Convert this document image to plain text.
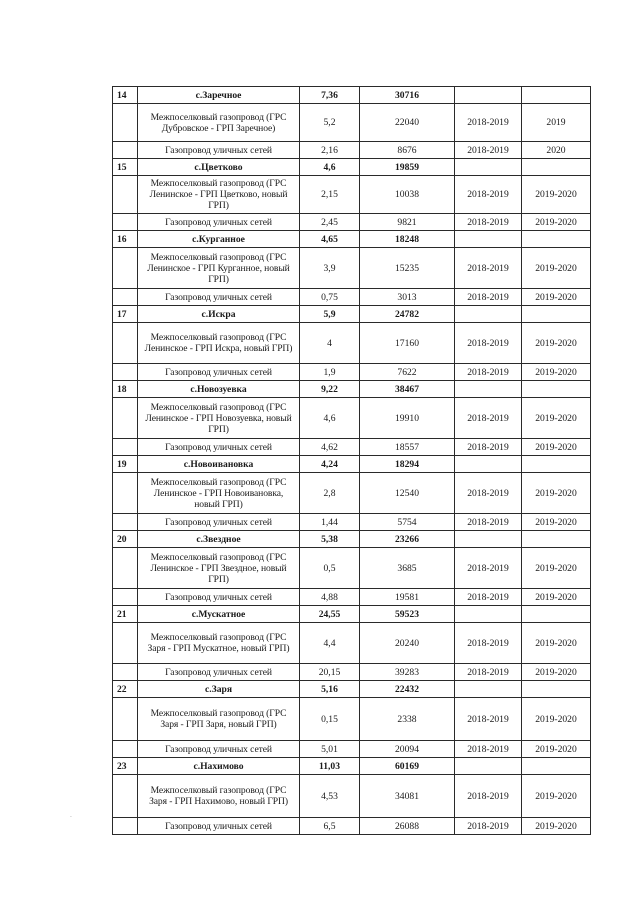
14	с.Заречное	7,36	30716		
	Межпоселковый газопровод (ГРС Дубровское - ГРП Заречное)	5,2	22040	2018-2019	2019
	Газопровод уличных сетей	2,16	8676	2018-2019	2020
15	с.Цветково	4,6	19859		
	Межпоселковый газопровод (ГРС Ленинское - ГРП Цветково, новый ГРП)	2,15	10038	2018-2019	2019-2020
	Газопровод уличных сетей	2,45	9821	2018-2019	2019-2020
16	с.Курганное	4,65	18248		
	Межпоселковый газопровод (ГРС Ленинское - ГРП Курганное, новый ГРП)	3,9	15235	2018-2019	2019-2020
	Газопровод уличных сетей	0,75	3013	2018-2019	2019-2020
17	с.Искра	5,9	24782		
	Межпоселковый газопровод (ГРС Ленинское - ГРП Искра, новый ГРП)	4	17160	2018-2019	2019-2020
	Газопровод уличных сетей	1,9	7622	2018-2019	2019-2020
18	с.Новозуевка	9,22	38467		
	Межпоселковый газопровод (ГРС Ленинское - ГРП Новозуевка, новый ГРП)	4,6	19910	2018-2019	2019-2020
	Газопровод уличных сетей	4,62	18557	2018-2019	2019-2020
19	с.Новоивановка	4,24	18294		
	Межпоселковый газопровод (ГРС Ленинское - ГРП Новоивановка, новый ГРП)	2,8	12540	2018-2019	2019-2020
	Газопровод уличных сетей	1,44	5754	2018-2019	2019-2020
20	с.Звездное	5,38	23266		
	Межпоселковый газопровод (ГРС Ленинское - ГРП Звездное, новый ГРП)	0,5	3685	2018-2019	2019-2020
	Газопровод уличных сетей	4,88	19581	2018-2019	2019-2020
21	с.Мускатное	24,55	59523		
	Межпоселковый газопровод (ГРС Заря - ГРП Мускатное, новый ГРП)	4,4	20240	2018-2019	2019-2020
	Газопровод уличных сетей	20,15	39283	2018-2019	2019-2020
22	с.Заря	5,16	22432		
	Межпоселковый газопровод (ГРС Заря - ГРП Заря, новый ГРП)	0,15	2338	2018-2019	2019-2020
	Газопровод уличных сетей	5,01	20094	2018-2019	2019-2020
23	с.Нахимово	11,03	60169		
	Межпоселковый газопровод (ГРС Заря - ГРП Нахимово, новый ГРП)	4,53	34081	2018-2019	2019-2020
	Газопровод уличных сетей	6,5	26088	2018-2019	2019-2020
.
